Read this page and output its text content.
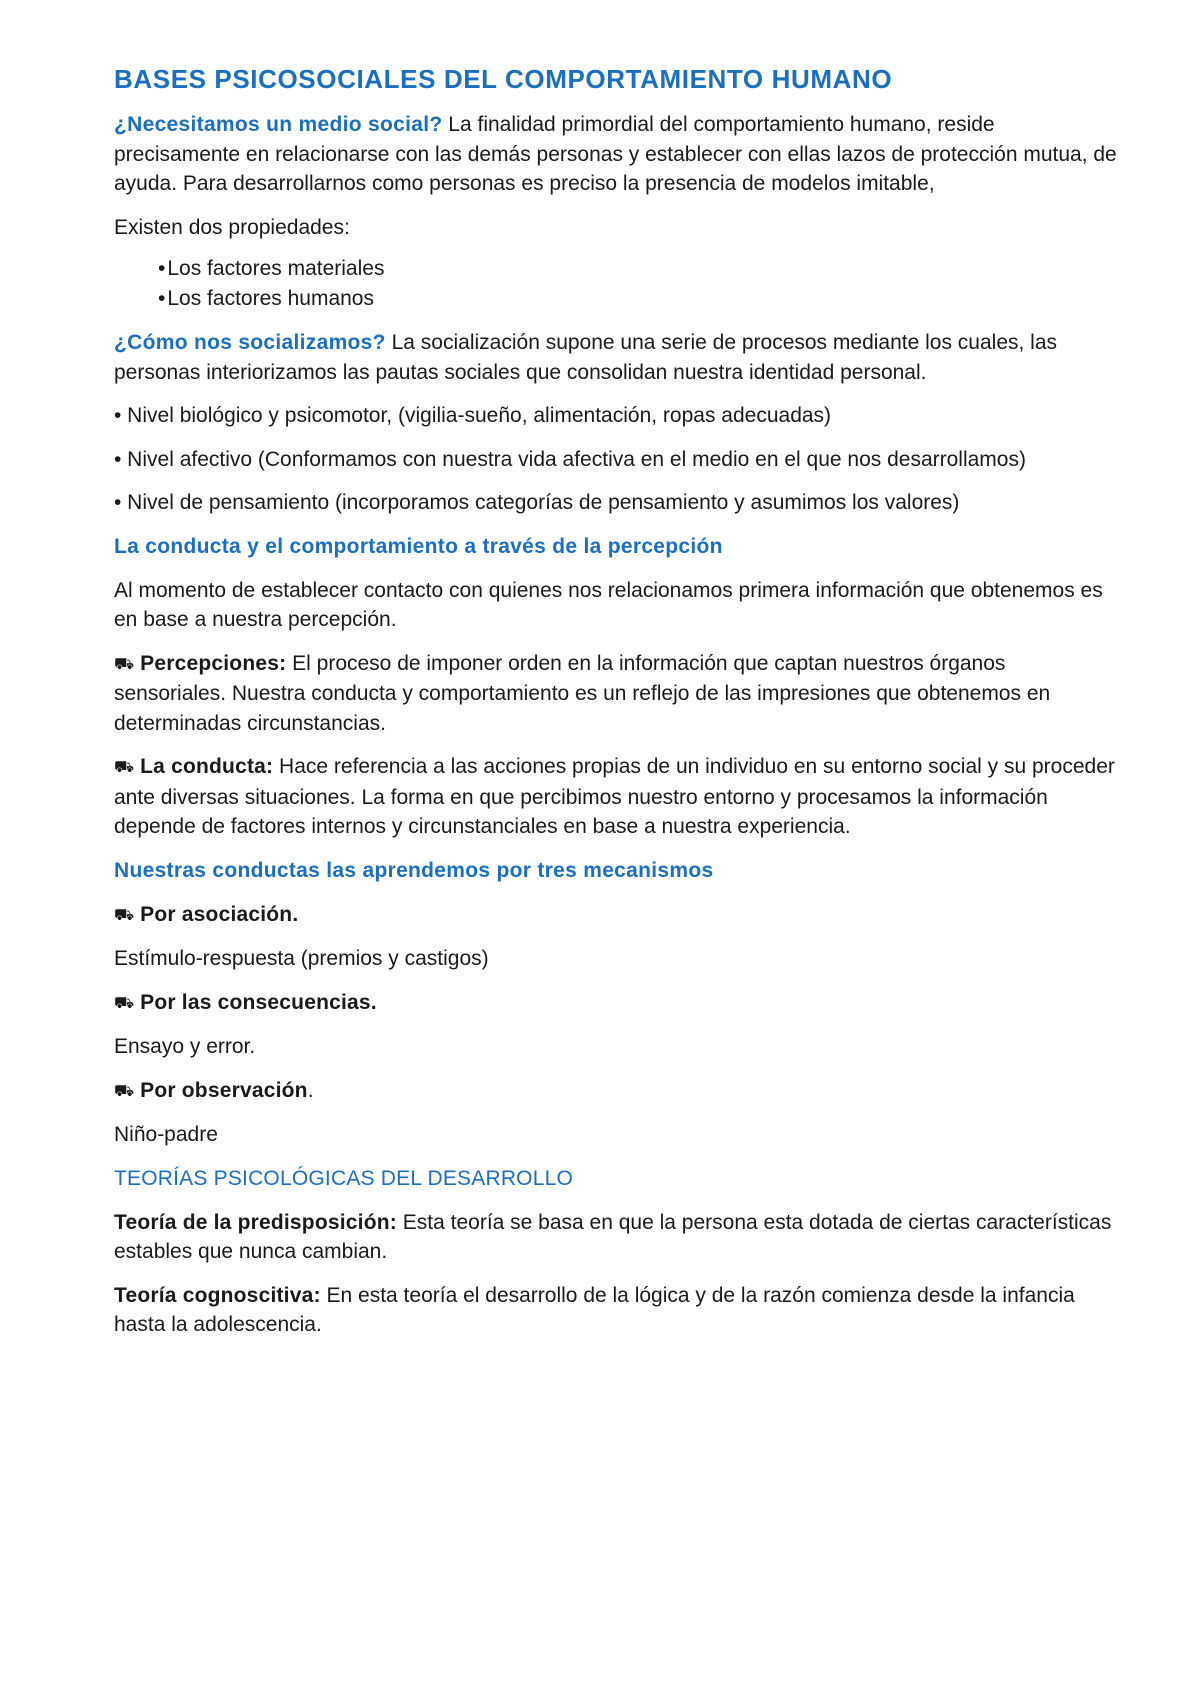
BASES PSICOSOCIALES DEL COMPORTAMIENTO HUMANO

¿Necesitamos un medio social? La finalidad primordial del comportamiento humano, reside precisamente en relacionarse con las demás personas y establecer con ellas lazos de protección mutua, de ayuda. Para desarrollarnos como personas es preciso la presencia de modelos imitable,

Existen dos propiedades:

• Los factores materiales
• Los factores humanos

¿Cómo nos socializamos? La socialización supone una serie de procesos mediante los cuales, las personas interiorizamos las pautas sociales que consolidan nuestra identidad personal.

• Nivel biológico y psicomotor, (vigilia-sueño, alimentación, ropas adecuadas)

• Nivel afectivo (Conformamos con nuestra vida afectiva en el medio en el que nos desarrollamos)

• Nivel de pensamiento (incorporamos categorías de pensamiento y asumimos los valores)

La conducta y el comportamiento a través de la percepción

Al momento de establecer contacto con quienes nos relacionamos primera información que obtenemos es en base a nuestra percepción.

⛟ Percepciones: El proceso de imponer orden en la información que captan nuestros órganos sensoriales. Nuestra conducta y comportamiento es un reflejo de las impresiones que obtenemos en determinadas circunstancias.

⛟ La conducta: Hace referencia a las acciones propias de un individuo en su entorno social y su proceder ante diversas situaciones. La forma en que percibimos nuestro entorno y procesamos la información depende de factores internos y circunstanciales en base a nuestra experiencia.

Nuestras conductas las aprendemos por tres mecanismos

⛟ Por asociación.

Estímulo-respuesta (premios y castigos)

⛟ Por las consecuencias.

Ensayo y error.

⛟ Por observación.

Niño-padre

TEORÍAS PSICOLÓGICAS DEL DESARROLLO

Teoría de la predisposición: Esta teoría se basa en que la persona esta dotada de ciertas características estables que nunca cambian.

Teoría cognoscitiva: En esta teoría el desarrollo de la lógica y de la razón comienza desde la infancia hasta la adolescencia.
